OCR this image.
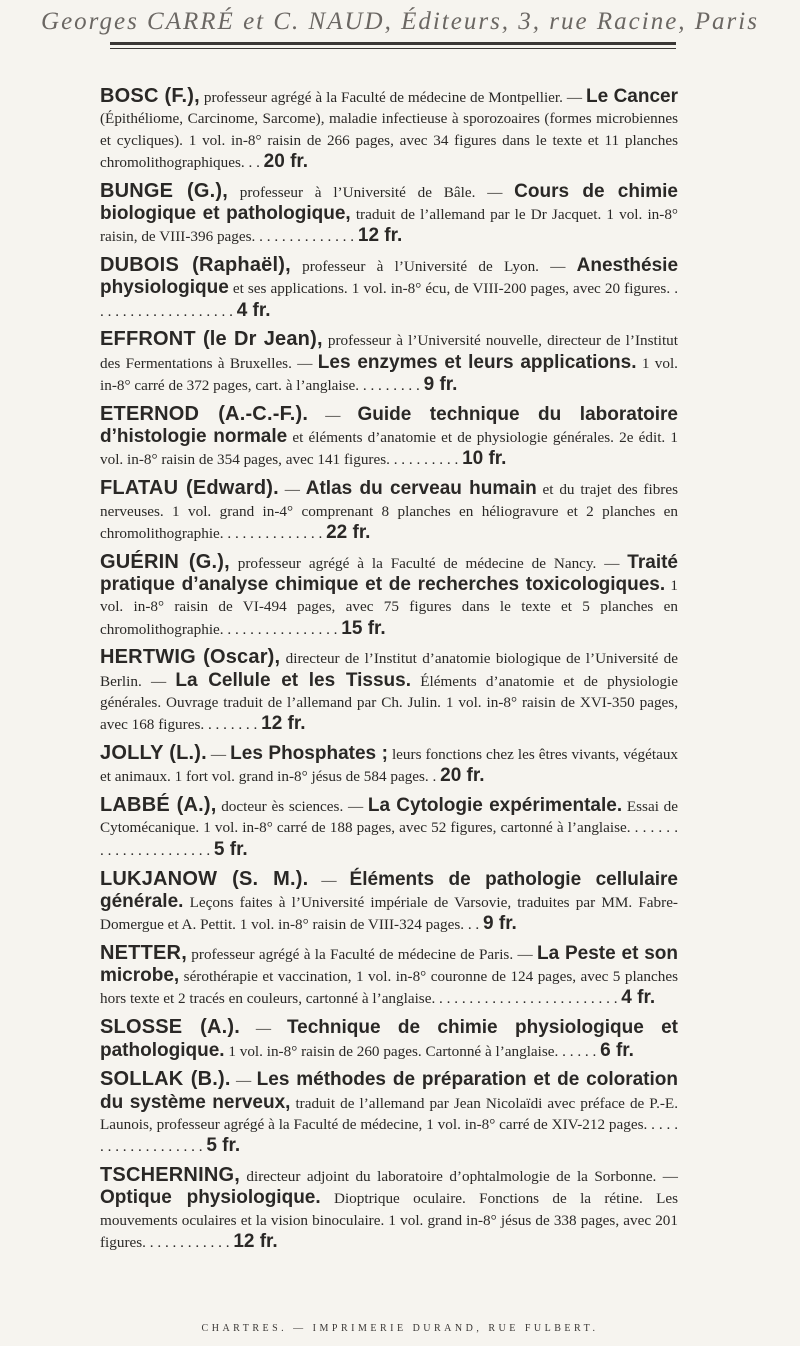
Georges CARRÉ et C. NAUD, Éditeurs, 3, rue Racine, Paris

BOSC (F.), professeur agrégé à la Faculté de médecine de Montpellier. — Le Cancer (Épithéliome, Carcinome, Sarcome), maladie infectieuse à sporozoaires (formes microbiennes et cycliques). 1 vol. in-8° raisin de 266 pages, avec 34 figures dans le texte et 11 planches chromolithographiques. . . 20 fr.

BUNGE (G.), professeur à l’Université de Bâle. — Cours de chimie biologique et pathologique, traduit de l’allemand par le Dr Jacquet. 1 vol. in-8° raisin, de VIII-396 pages. . . . . . . . . . . . . . 12 fr.

DUBOIS (Raphaël), professeur à l’Université de Lyon. — Anesthésie physiologique et ses applications. 1 vol. in-8° écu, de VIII-200 pages, avec 20 figures. . . . . . . . . . . . . . . . . . . . 4 fr.

EFFRONT (le Dr Jean), professeur à l’Université nouvelle, directeur de l’Institut des Fermentations à Bruxelles. — Les enzymes et leurs applications. 1 vol. in-8° carré de 372 pages, cart. à l’anglaise. . . . . . . . . 9 fr.

ETERNOD (A.-C.-F.). — Guide technique du laboratoire d’histologie normale et éléments d’anatomie et de physiologie générales. 2e édit. 1 vol. in-8° raisin de 354 pages, avec 141 figures. . . . . . . . . . 10 fr.

FLATAU (Edward). — Atlas du cerveau humain et du trajet des fibres nerveuses. 1 vol. grand in-4° comprenant 8 planches en héliogravure et 2 planches en chromolithographie. . . . . . . . . . . . . . 22 fr.

GUÉRIN (G.), professeur agrégé à la Faculté de médecine de Nancy. — Traité pratique d’analyse chimique et de recherches toxicologiques. 1 vol. in-8° raisin de VI-494 pages, avec 75 figures dans le texte et 5 planches en chromolithographie. . . . . . . . . . . . . . . . 15 fr.

HERTWIG (Oscar), directeur de l’Institut d’anatomie biologique de l’Université de Berlin. — La Cellule et les Tissus. Éléments d’anatomie et de physiologie générales. Ouvrage traduit de l’allemand par Ch. Julin. 1 vol. in-8° raisin de XVI-350 pages, avec 168 figures. . . . . . . . 12 fr.

JOLLY (L.). — Les Phosphates ; leurs fonctions chez les êtres vivants, végétaux et animaux. 1 fort vol. grand in-8° jésus de 584 pages. . 20 fr.

LABBÉ (A.), docteur ès sciences. — La Cytologie expérimentale. Essai de Cytomécanique. 1 vol. in-8° carré de 188 pages, avec 52 figures, cartonné à l’anglaise. . . . . . . . . . . . . . . . . . . . . . 5 fr.

LUKJANOW (S. M.). — Éléments de pathologie cellulaire générale. Leçons faites à l’Université impériale de Varsovie, traduites par MM. Fabre-Domergue et A. Pettit. 1 vol. in-8° raisin de VIII-324 pages. . . 9 fr.

NETTER, professeur agrégé à la Faculté de médecine de Paris. — La Peste et son microbe, sérothérapie et vaccination, 1 vol. in-8° couronne de 124 pages, avec 5 planches hors texte et 2 tracés en couleurs, cartonné à l’anglaise. . . . . . . . . . . . . . . . . . . . . . . . . 4 fr.

SLOSSE (A.). — Technique de chimie physiologique et pathologique. 1 vol. in-8° raisin de 260 pages. Cartonné à l’anglaise. . . . . . 6 fr.

SOLLAK (B.). — Les méthodes de préparation et de coloration du système nerveux, traduit de l’allemand par Jean Nicolaïdi avec préface de P.-E. Launois, professeur agrégé à la Faculté de médecine, 1 vol. in-8° carré de XIV-212 pages. . . . . . . . . . . . . . . . . . . 5 fr.

TSCHERNING, directeur adjoint du laboratoire d’ophtalmologie de la Sorbonne. — Optique physiologique. Dioptrique oculaire. Fonctions de la rétine. Les mouvements oculaires et la vision binoculaire. 1 vol. grand in-8° jésus de 338 pages, avec 201 figures. . . . . . . . . . . . 12 fr.

CHARTRES. — IMPRIMERIE DURAND, RUE FULBERT.
